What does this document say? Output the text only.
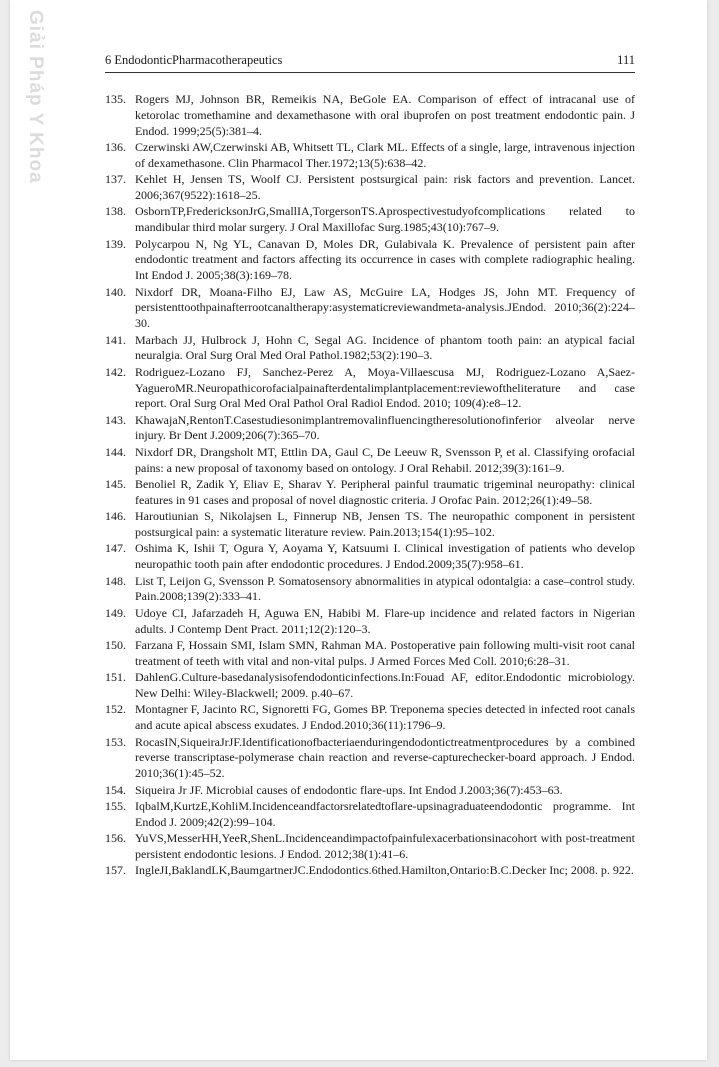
Giải Pháp Y Khoa	6 EndodonticPharmacotherapeutics	111
135. Rogers MJ, Johnson BR, Remeikis NA, BeGole EA. Comparison of effect of intracanal use of ketorolac tromethamine and dexamethasone with oral ibuprofen on post treatment endodontic pain. J Endod. 1999;25(5):381–4.
136. Czerwinski AW,Czerwinski AB, Whitsett TL, Clark ML. Effects of a single, large, intravenous injection of dexamethasone. Clin Pharmacol Ther.1972;13(5):638–42.
137. Kehlet H, Jensen TS, Woolf CJ. Persistent postsurgical pain: risk factors and prevention. Lancet. 2006;367(9522):1618–25.
138. OsbornTP,FredericksonJrG,SmallIA,TorgersonTS.Aprospectivestudyofcomplications related to mandibular third molar surgery. J Oral Maxillofac Surg.1985;43(10):767–9.
139. Polycarpou N, Ng YL, Canavan D, Moles DR, Gulabivala K. Prevalence of persistent pain after endodontic treatment and factors affecting its occurrence in cases with complete radiographic healing. Int Endod J. 2005;38(3):169–78.
140. Nixdorf DR, Moana-Filho EJ, Law AS, McGuire LA, Hodges JS, John MT. Frequency of persistenttoothpainafterrootcanaltherapy:asystematicreviewandmeta-analysis.JEndod. 2010;36(2):224–30.
141. Marbach JJ, Hulbrock J, Hohn C, Segal AG. Incidence of phantom tooth pain: an atypical facial neuralgia. Oral Surg Oral Med Oral Pathol.1982;53(2):190–3.
142. Rodriguez-Lozano FJ, Sanchez-Perez A, Moya-Villaescusa MJ, Rodriguez-Lozano A,Saez-YagueroMR.Neuropathicorofacialpainafterdentalimplantplacement:reviewoftheliterature and case report. Oral Surg Oral Med Oral Pathol Oral Radiol Endod. 2010; 109(4):e8–12.
143. KhawajaN,RentonT.Casestudiesonimplantremovalinfluencingtheresolutionofinferior alveolar nerve injury. Br Dent J.2009;206(7):365–70.
144. Nixdorf DR, Drangsholt MT, Ettlin DA, Gaul C, De Leeuw R, Svensson P, et al. Classifying orofacial pains: a new proposal of taxonomy based on ontology. J Oral Rehabil. 2012;39(3):161–9.
145. Benoliel R, Zadik Y, Eliav E, Sharav Y. Peripheral painful traumatic trigeminal neuropathy: clinical features in 91 cases and proposal of novel diagnostic criteria. J Orofac Pain. 2012;26(1):49–58.
146. Haroutiunian S, Nikolajsen L, Finnerup NB, Jensen TS. The neuropathic component in persistent postsurgical pain: a systematic literature review. Pain.2013;154(1):95–102.
147. Oshima K, Ishii T, Ogura Y, Aoyama Y, Katsuumi I. Clinical investigation of patients who develop neuropathic tooth pain after endodontic procedures. J Endod.2009;35(7):958–61.
148. List T, Leijon G, Svensson P. Somatosensory abnormalities in atypical odontalgia: a case–control study. Pain.2008;139(2):333–41.
149. Udoye CI, Jafarzadeh H, Aguwa EN, Habibi M. Flare-up incidence and related factors in Nigerian adults. J Contemp Dent Pract. 2011;12(2):120–3.
150. Farzana F, Hossain SMI, Islam SMN, Rahman MA. Postoperative pain following multi-visit root canal treatment of teeth with vital and non-vital pulps. J Armed Forces Med Coll. 2010;6:28–31.
151. DahlenG.Culture-basedanalysisofendodonticinfections.In:Fouad AF, editor.Endodontic microbiology. New Delhi: Wiley-Blackwell; 2009. p.40–67.
152. Montagner F, Jacinto RC, Signoretti FG, Gomes BP. Treponema species detected in infected root canals and acute apical abscess exudates. J Endod.2010;36(11):1796–9.
153. RocasIN,SiqueiraJrJF.Identificationofbacteriaenduringendodontictreatmentprocedures by a combined reverse transcriptase-polymerase chain reaction and reverse-capturechecker-board approach. J Endod. 2010;36(1):45–52.
154. Siqueira Jr JF. Microbial causes of endodontic flare-ups. Int Endod J.2003;36(7):453–63.
155. IqbalM,KurtzE,KohliM.Incidenceandfactorsrelatedtoflare-upsinagraduateendodontic programme. Int Endod J. 2009;42(2):99–104.
156. YuVS,MesserHH,YeeR,ShenL.Incidenceandimpactofpainfulexacerbationsinacohort with post-treatment persistent endodontic lesions. J Endod. 2012;38(1):41–6.
157. IngleJI,BaklandLK,BaumgartnerJC.Endodontics.6thed.Hamilton,Ontario:B.C.Decker Inc; 2008. p. 922.
